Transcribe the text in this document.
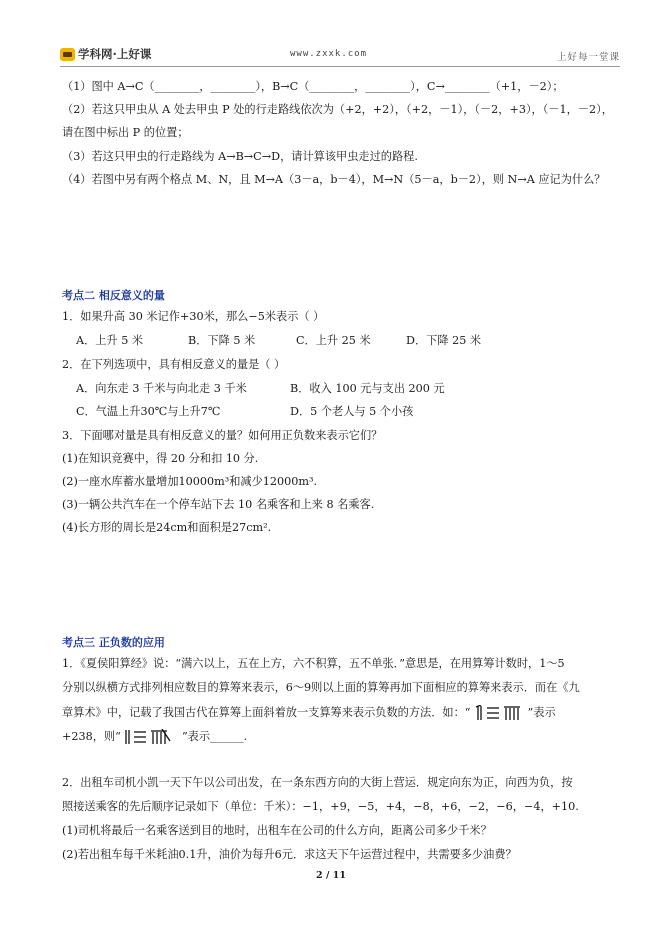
学科网·上好课	www.zxxk.com	上好每一堂课
（1）图中 A→C（________，________），B→C（________，________），C→________（+1，－2）；
（2）若这只甲虫从 A 处去甲虫 P 处的行走路线依次为（+2，+2），（+2，－1），（－2，+3），（－1，－2），
请在图中标出 P 的位置；
（3）若这只甲虫的行走路线为 A→B→C→D，请计算该甲虫走过的路程.
（4）若图中另有两个格点 M、N，且 M→A（3－a，b－4），M→N（5－a，b－2），则 N→A 应记为什么？
考点二 相反意义的量
1．如果升高 30 米记作+30米，那么−5米表示（ ）
A．上升 5 米	B．下降 5 米	C．上升 25 米	D．下降 25 米
2．在下列选项中，具有相反意义的量是（ ）
A．向东走 3 千米与向北走 3 千米	B．收入 100 元与支出 200 元
C．气温上升30℃与上升7℃	D．5 个老人与 5 个小孩
3．下面哪对量是具有相反意义的量？如何用正负数来表示它们？
(1)在知识竞赛中，得 20 分和扣 10 分.
(2)一座水库蓄水量增加10000m³和减少12000m³.
(3)一辆公共汽车在一个停车站下去 10 名乘客和上来 8 名乘客.
(4)长方形的周长是24cm和面积是27cm².
考点三 正负数的应用
1．《夏侯阳算经》说：“满六以上，五在上方，六不积算，五不单张．”意思是，在用算筹计数时，1～5
分别以纵横方式排列相应数目的算筹来表示，6～9则以上面的算筹再加下面相应的算筹来表示．而在《九
章算术》中，记载了我国古代在算筹上面斜着放一支算筹来表示负数的方法．如：“	”表示
+238，则“	”表示______.
2．出租车司机小凯一天下午以公司出发，在一条东西方向的大街上营运．规定向东为正，向西为负，按
照接送乘客的先后顺序记录如下（单位：千米）：−1，+9，−5，+4，−8，+6，−2，−6，−4，+10.
(1)司机将最后一名乘客送到目的地时，出租车在公司的什么方向，距离公司多少千米？
(2)若出租车每千米耗油0.1升，油价为每升6元．求这天下午运营过程中，共需要多少油费？
2 / 11
